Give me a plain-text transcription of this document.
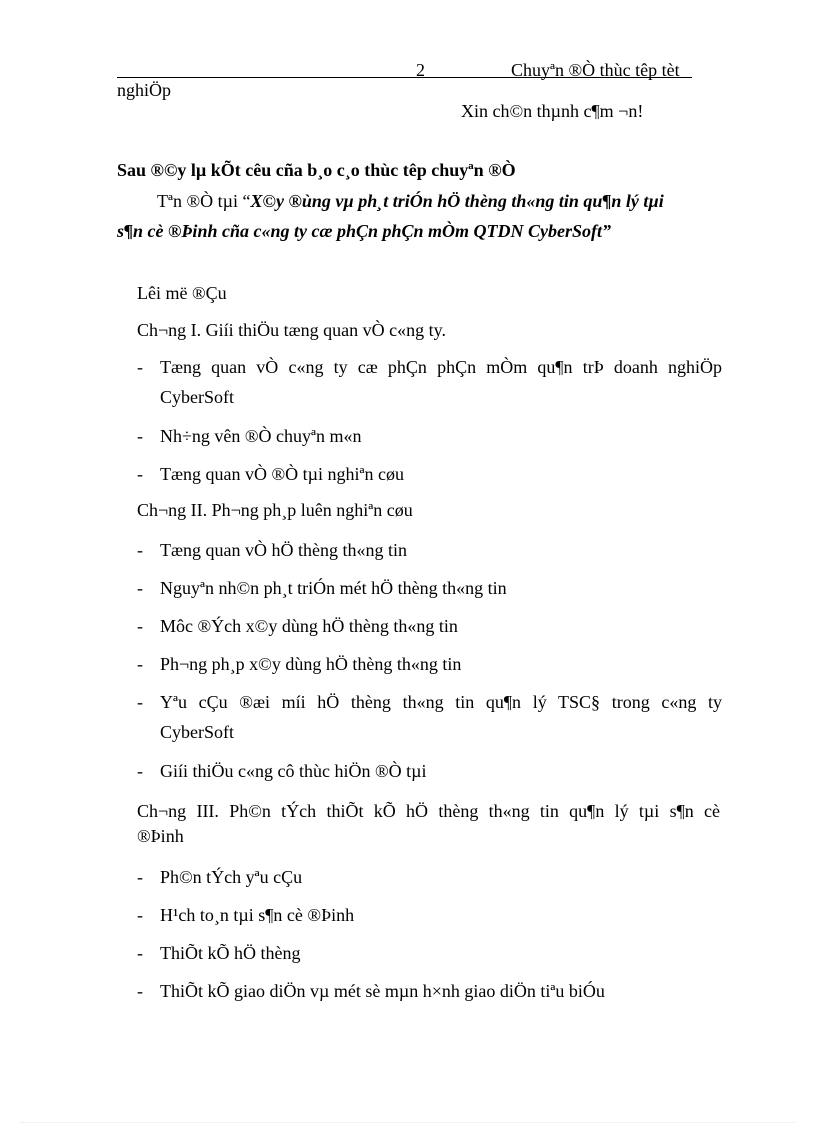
2	Chuyªn ®Ò thùc têp tèt
nghiÖp
Xin ch©n thµnh c¶m ¬n!
Sau ®©y lµ kÕt cêu cña b¸o c¸o thùc têp chuyªn ®Ò
Tªn ®Ò tµi “X©y ®ùng vµ ph¸t triÓn hÖ thèng th«ng tin qu¶n lý tµi
s¶n cè ®Þinh cña c«ng ty cæ phÇn phÇn mÒm QTDN CyberSoft”
Lêi më ®Çu
Ch¬ng I. Giíi thiÖu tæng quan vÒ c«ng ty.
- Tæng quan vÒ c«ng ty cæ phÇn phÇn mÒm qu¶n trÞ doanh nghiÖp
CyberSoft
- Nh÷ng vên ®Ò chuyªn m«n
- Tæng quan vÒ ®Ò tµi nghiªn cøu
Ch¬ng II. Ph¬ng ph¸p luên nghiªn cøu
- Tæng quan vÒ hÖ thèng th«ng tin
- Nguyªn nh©n ph¸t triÓn mét hÖ thèng th«ng tin
- Môc ®Ých x©y dùng hÖ thèng th«ng tin
- Ph¬ng ph¸p x©y dùng hÖ thèng th«ng tin
- Yªu cÇu ®æi míi hÖ thèng th«ng tin qu¶n lý TSC§ trong c«ng ty
CyberSoft
- Giíi thiÖu c«ng cô thùc hiÖn ®Ò tµi
Ch¬ng III. Ph©n tÝch thiÕt kÕ hÖ thèng th«ng tin qu¶n lý tµi s¶n cè
®Þinh
- Ph©n tÝch yªu cÇu
- H¹ch to¸n tµi s¶n cè ®Þinh
- ThiÕt kÕ hÖ thèng
- ThiÕt kÕ giao diÖn vµ mét sè mµn h×nh giao diÖn tiªu biÓu
